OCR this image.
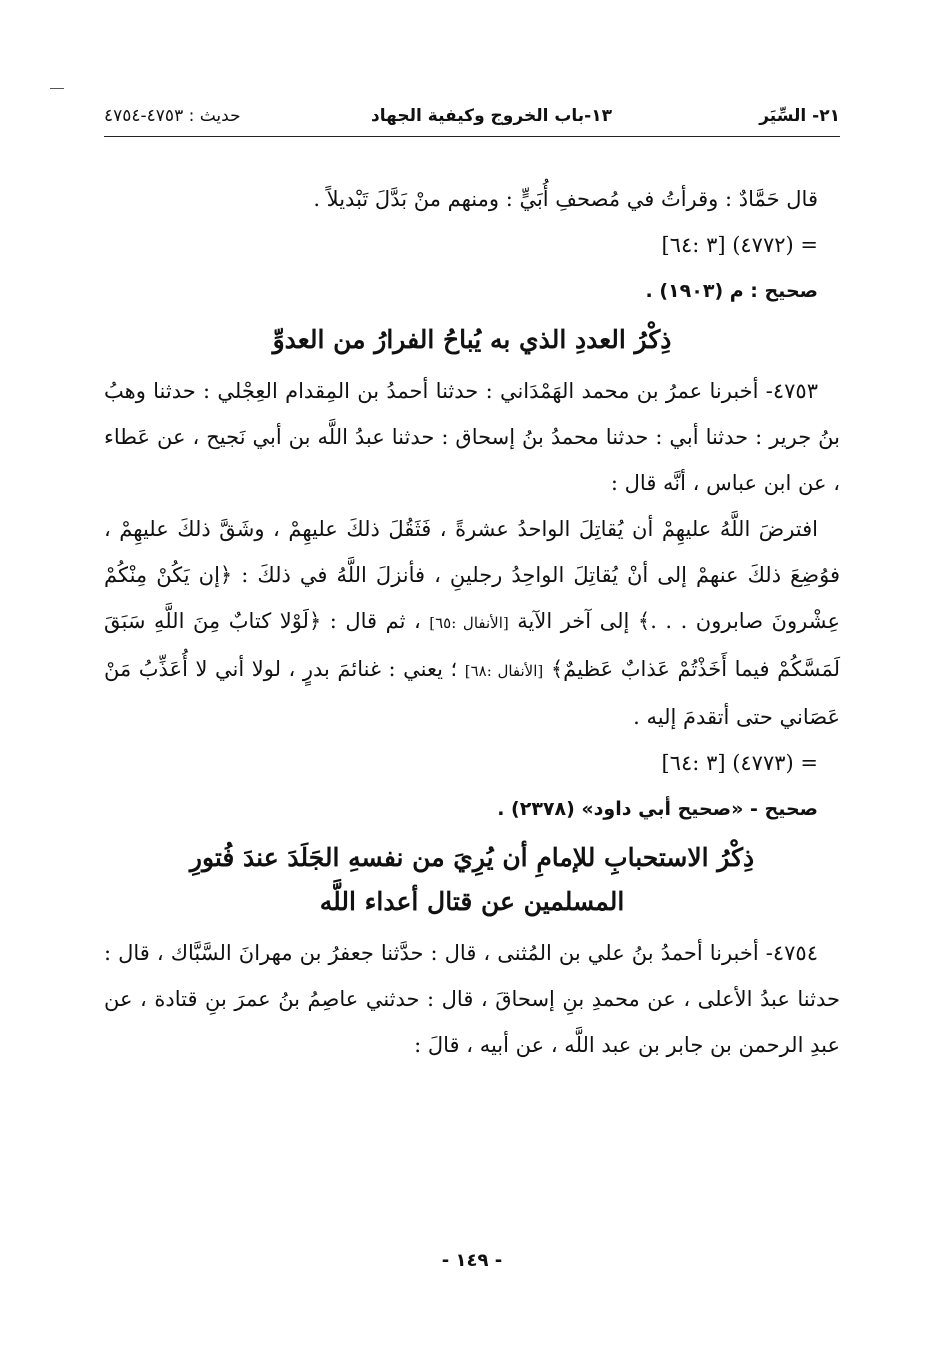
٢١- السِّيَر
١٣-باب الخروج وكيفية الجهاد
حديث : ٤٧٥٣-٤٧٥٤

قال حَمَّادٌ : وقرأتُ في مُصحفِ أُبَيٍّ : ومنهم منْ بَدَّلَ تَبْديلاً .

= (٤٧٧٢) [٣ :٦٤]

صحيح : م (١٩٠٣) .

ذِكْرُ العددِ الذي به يُباحُ الفرارُ من العدوِّ

٤٧٥٣- أخبرنا عمرُ بن محمد الهَمْدَاني : حدثنا أحمدُ بن المِقدام العِجْلي : حدثنا وهبُ بنُ جرير : حدثنا أبي : حدثنا محمدُ بنُ إسحاق : حدثنا عبدُ اللَّه بن أبي نَجيح ، عن عَطاء ، عن ابن عباس ، أنَّه قال :

افترضَ اللَّهُ عليهِمْ أن يُقاتِلَ الواحدُ عشرةً ، فَثَقُلَ ذلكَ عليهِمْ ، وشَقَّ ذلكَ عليهِمْ ، فوُضِعَ ذلكَ عنهمْ إلى أنْ يُقاتِلَ الواحِدُ رجلينِ ، فأنزلَ اللَّهُ في ذلكَ : ﴿إن يَكُنْ مِنْكُمْ عِشْرونَ صابرون . . .﴾ إلى آخر الآية [الأنفال :٦٥] ، ثم قال : ﴿لَوْلا كتابٌ مِنَ اللَّهِ سَبَقَ لَمَسَّكُمْ فيما أَخَذْتُمْ عَذابٌ عَظيمٌ﴾ [الأنفال :٦٨] ؛ يعني : غنائمَ بدرٍ ، لولا أني لا أُعَذِّبُ مَنْ عَصَاني حتى أتقدمَ إليه .

= (٤٧٧٣) [٣ :٦٤]

صحيح - «صحيح أبي داود» (٢٣٧٨) .

ذِكْرُ الاستحبابِ للإمامِ أن يُرِيَ من نفسهِ الجَلَدَ عندَ فُتورِ
المسلمين عن قتال أعداء اللَّه

٤٧٥٤- أخبرنا أحمدُ بنُ علي بن المُثنى ، قال : حدَّثنا جعفرُ بن مهرانَ السَّبَّاك ، قال : حدثنا عبدُ الأعلى ، عن محمدِ بنِ إسحاقَ ، قال : حدثني عاصِمُ بنُ عمرَ بنِ قتادة ، عن عبدِ الرحمن بن جابر بن عبد اللَّه ، عن أبيه ، قالَ :

- ١٤٩ -
